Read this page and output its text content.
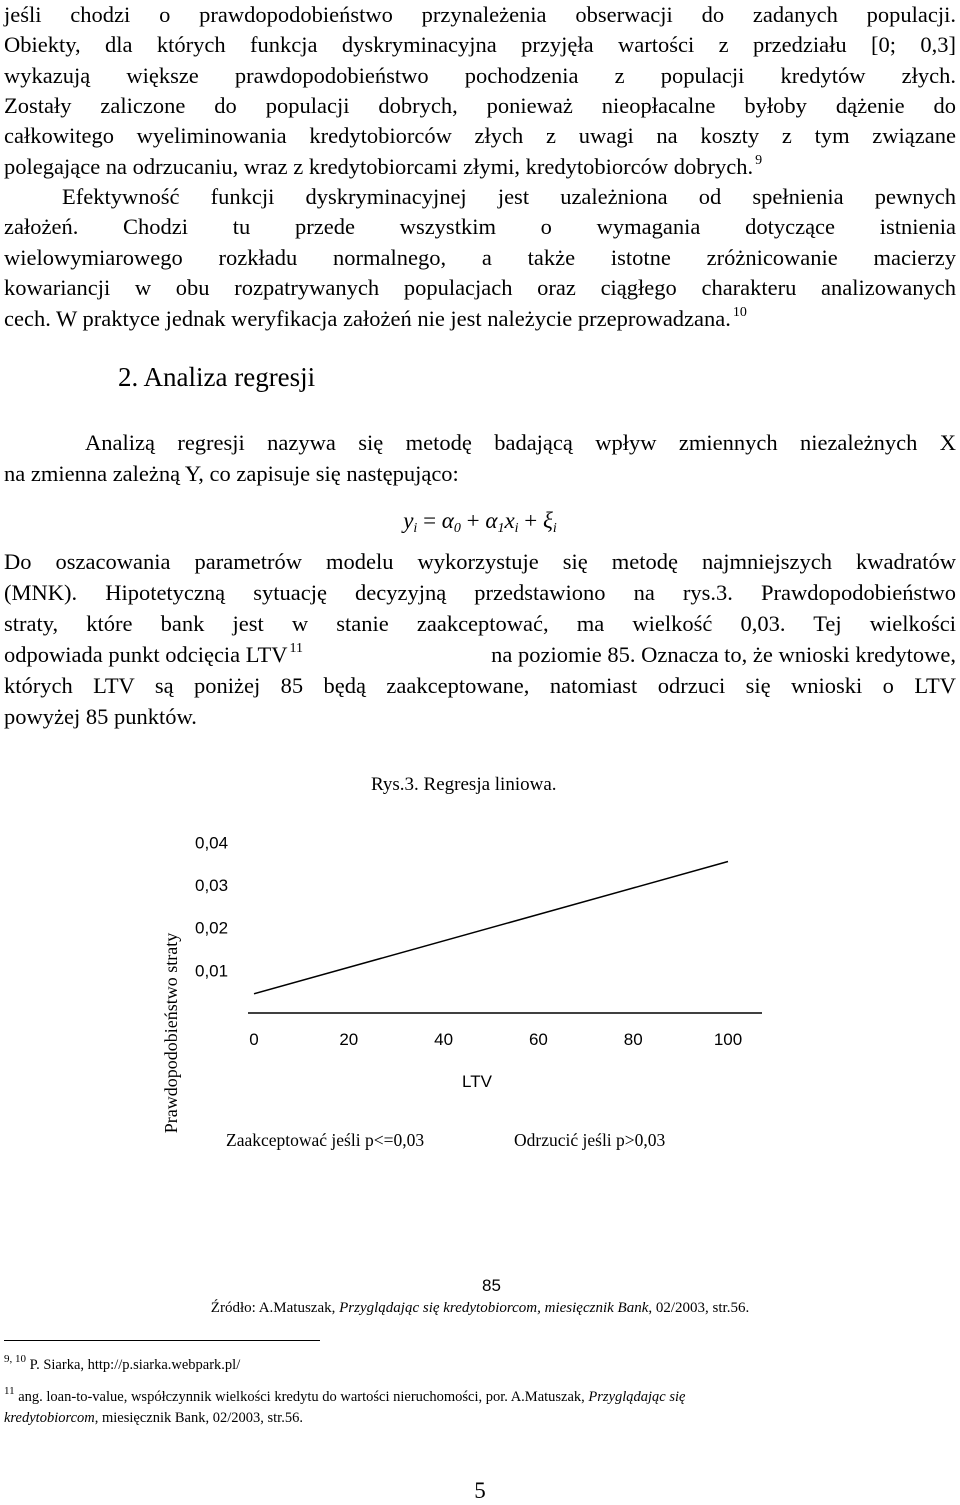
jeśli chodzi o prawdopodobieństwo przynależenia obserwacji do zadanych populacji.
Obiekty, dla których funkcja dyskryminacyjna przyjęła wartości z przedziału [0; 0,3]
wykazują większe prawdopodobieństwo pochodzenia z populacji kredytów złych.
Zostały zaliczone do populacji dobrych, ponieważ nieopłacalne byłoby dążenie do
całkowitego wyeliminowania kredytobiorców złych z uwagi na koszty z tym związane
polegające na odrzucaniu, wraz z kredytobiorcami złymi, kredytobiorców dobrych. $^9$
Efektywność funkcji dyskryminacyjnej jest uzależniona od spełnienia pewnych
założeń. Chodzi tu przede wszystkim o wymagania dotyczące istnienia
wielowymiarowego rozkładu normalnego, a także istotne zróżnicowanie macierzy
kowariancji w obu rozpatrywanych populacjach oraz ciągłego charakteru analizowanych
cech. W praktyce jednak weryfikacja założeń nie jest należycie przeprowadzana. $^{10}$
2. Analiza regresji
Analizą regresji nazywa się metodę badającą wpływ zmiennych niezależnych X
na zmienna zależną Y, co zapisuje się następująco:
yi = α0 + α1xi + ξi
Do oszacowania parametrów modelu wykorzystuje się metodę najmniejszych kwadratów
(MNK). Hipotetyczną sytuację decyzyjną przedstawiono na rys.3. Prawdopodobieństwo
straty, które bank jest w stanie zaakceptować, ma wielkość 0,03. Tej wielkości
odpowiada punkt odcięcia LTV $^{11}$	na poziomie 85. Oznacza to, że wnioski kredytowe,
których LTV są poniżej 85 będą zaakceptowane, natomiast odrzuci się wnioski o LTV
powyżej 85 punktów.
Rys.3. Regresja liniowa.
Prawdopodobieństwo straty 0,01
0,02
0,03
0,04
0	20	40	60	80	100
LTV
Zaakceptować jeśli p<=0,03	Odrzucić jeśli p>0,03
85
Źródło: A.Matuszak, Przyglądając się kredytobiorcom, miesięcznik Bank, 02/2003, str.56.
$^{9, 10}$ P. Siarka, http://p.siarka.webpark.pl/
$^{11}$ ang. loan-to-value, współczynnik wielkości kredytu do wartości nieruchomości, por. A.Matuszak, Przyglądając się
kredytobiorcom, miesięcznik Bank, 02/2003, str.56.
5
